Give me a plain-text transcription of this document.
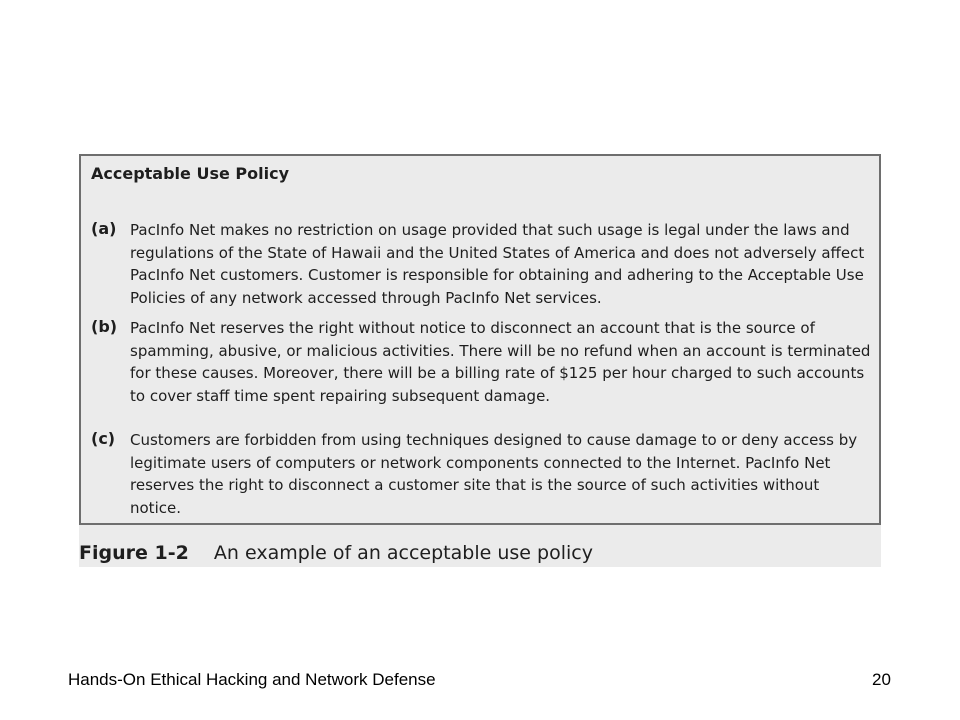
Acceptable Use Policy
(a) PacInfo Net makes no restriction on usage provided that such usage is legal under the laws and regulations of the State of Hawaii and the United States of America and does not adversely affect PacInfo Net customers. Customer is responsible for obtaining and adhering to the Acceptable Use Policies of any network accessed through PacInfo Net services.
(b) PacInfo Net reserves the right without notice to disconnect an account that is the source of spamming, abusive, or malicious activities. There will be no refund when an account is terminated for these causes. Moreover, there will be a billing rate of $125 per hour charged to such accounts to cover staff time spent repairing subsequent damage.
(c) Customers are forbidden from using techniques designed to cause damage to or deny access by legitimate users of computers or network components connected to the Internet. PacInfo Net reserves the right to disconnect a customer site that is the source of such activities without notice.
Figure 1-2 An example of an acceptable use policy
Hands-On Ethical Hacking and Network Defense	20
